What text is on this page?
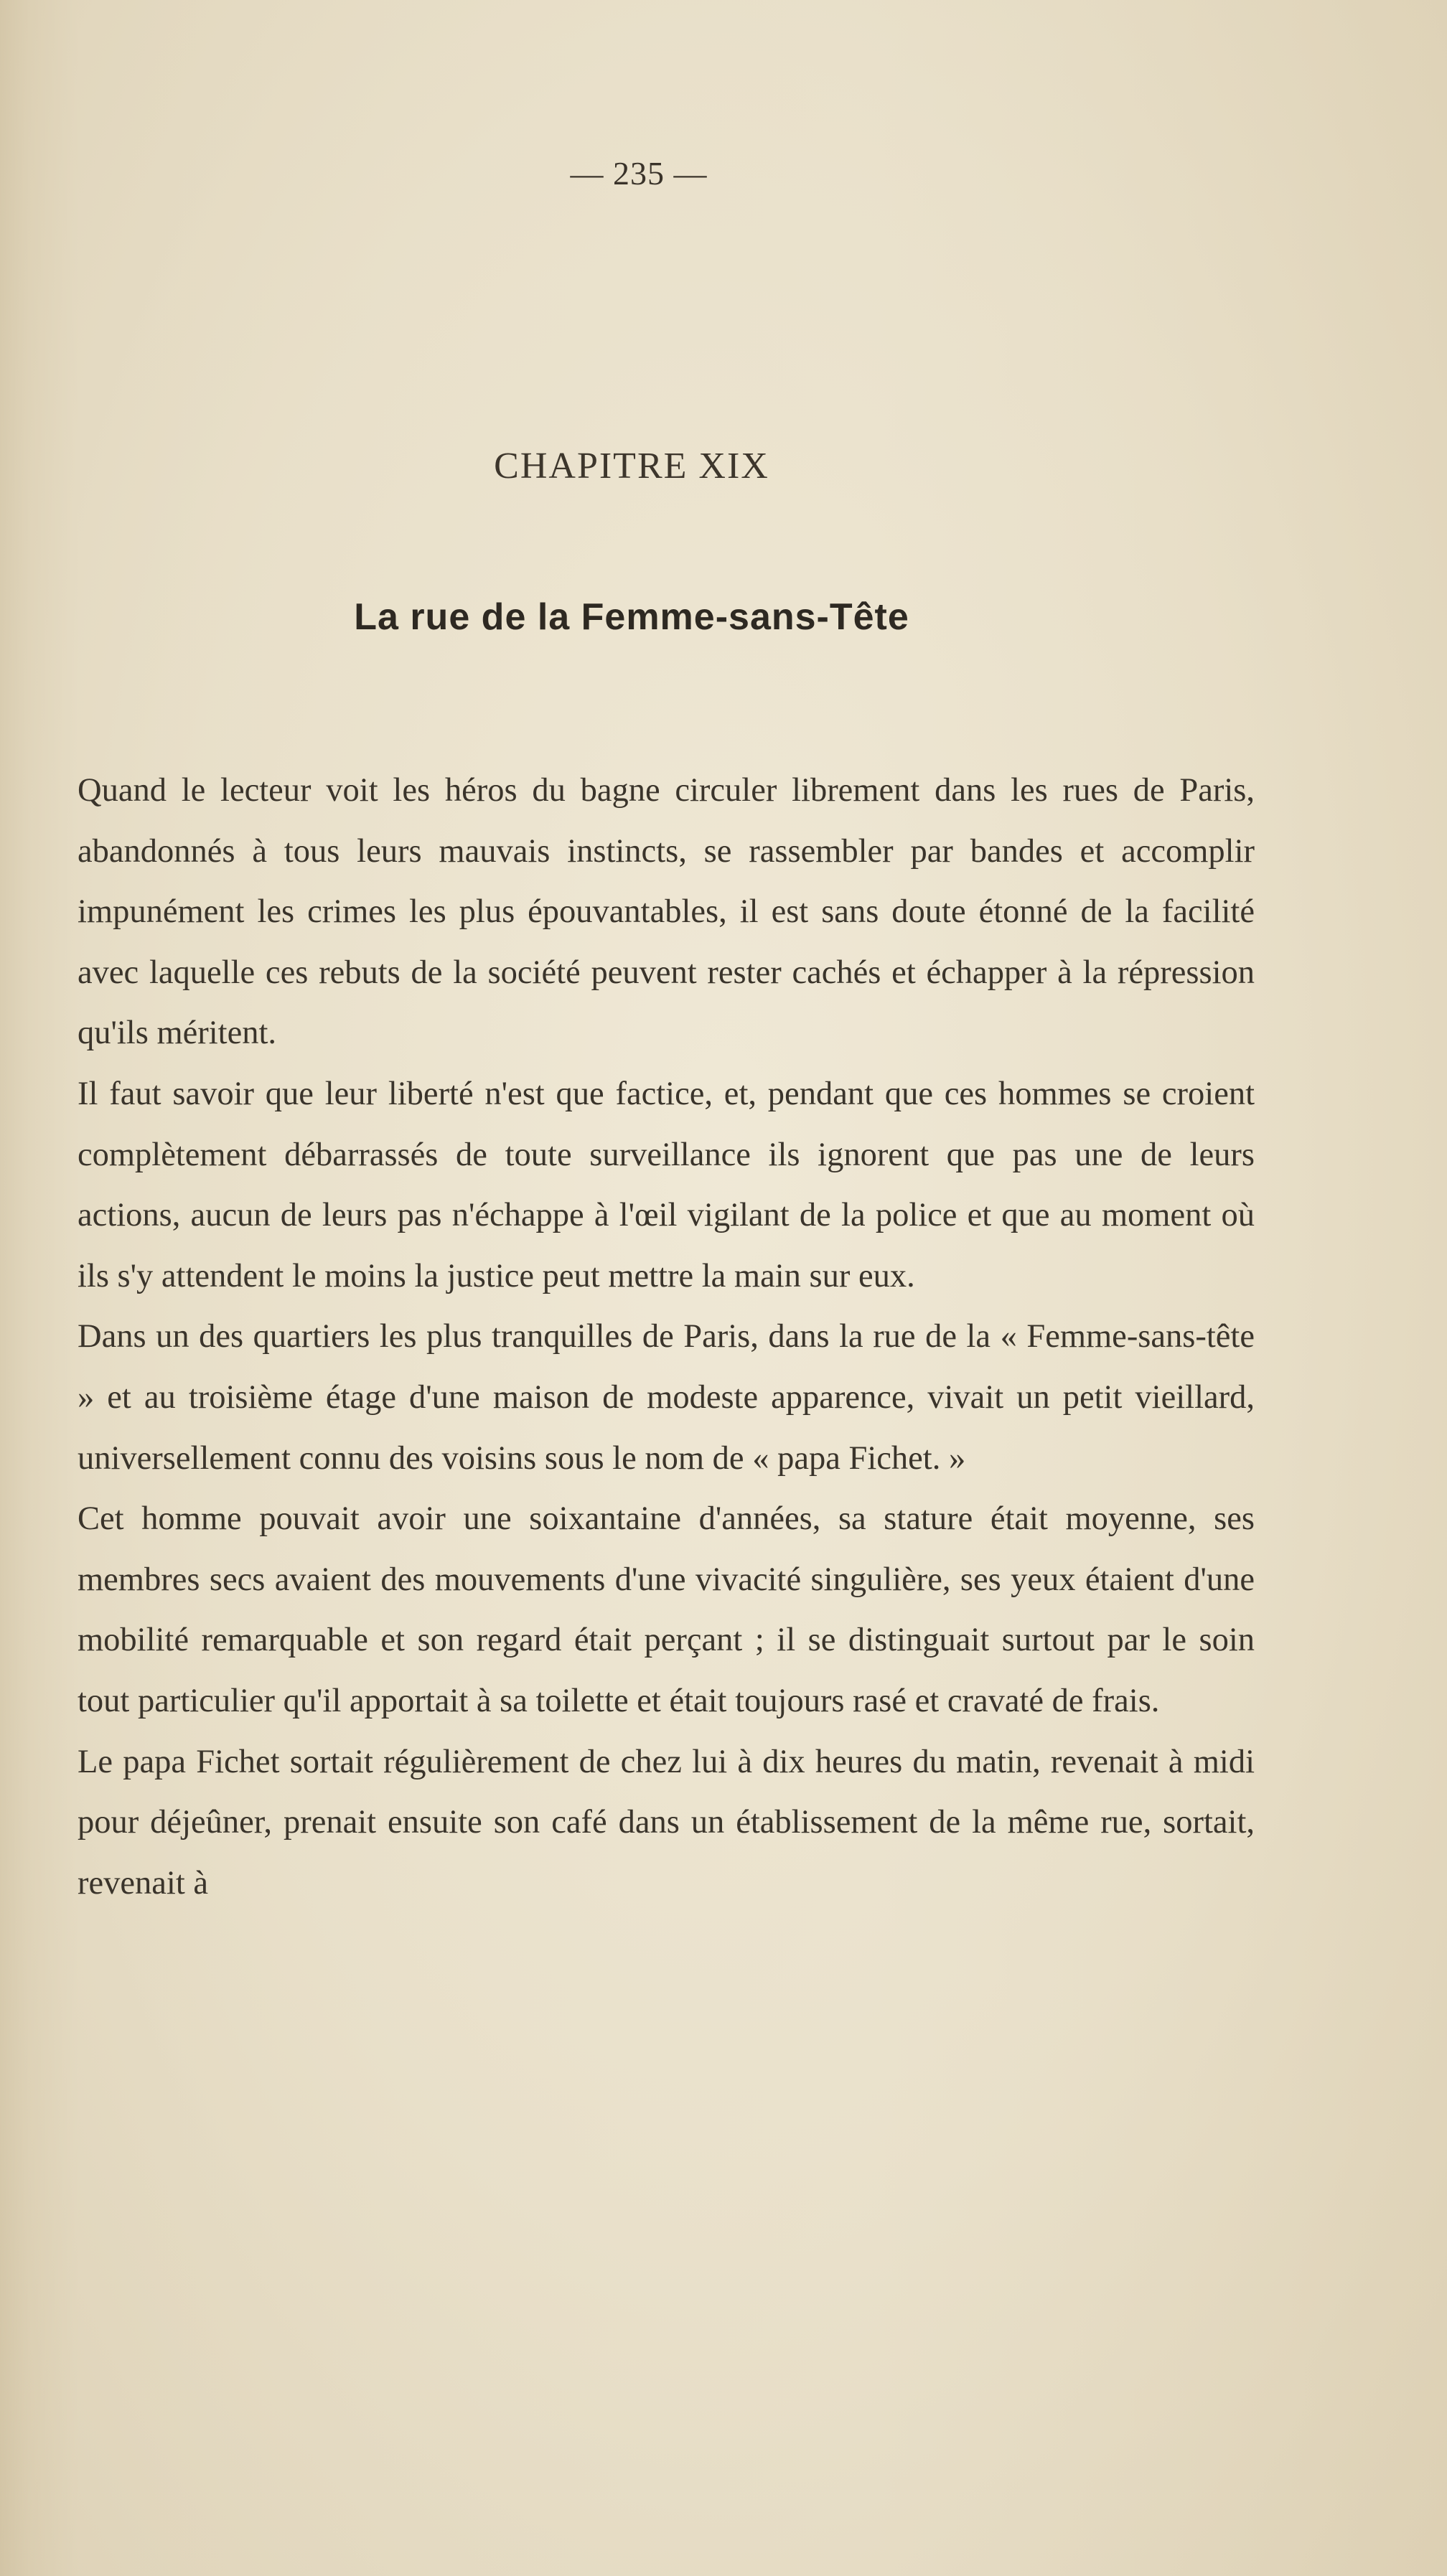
— 235 —
CHAPITRE XIX
La rue de la Femme-sans-Tête

Quand le lecteur voit les héros du bagne circuler librement dans les rues de Paris, abandonnés à tous leurs mauvais instincts, se rassembler par bandes et accomplir impunément les crimes les plus épouvantables, il est sans doute étonné de la facilité avec laquelle ces rebuts de la société peuvent rester cachés et échapper à la répression qu'ils méritent.

Il faut savoir que leur liberté n'est que factice, et, pendant que ces hommes se croient complètement débarrassés de toute surveillance ils ignorent que pas une de leurs actions, aucun de leurs pas n'échappe à l'œil vigilant de la police et que au moment où ils s'y attendent le moins la justice peut mettre la main sur eux.

Dans un des quartiers les plus tranquilles de Paris, dans la rue de la « Femme-sans-tête » et au troisième étage d'une maison de modeste apparence, vivait un petit vieillard, universellement connu des voisins sous le nom de « papa Fichet. »

Cet homme pouvait avoir une soixantaine d'années, sa stature était moyenne, ses membres secs avaient des mouvements d'une vivacité singulière, ses yeux étaient d'une mobilité remarquable et son regard était perçant ; il se distinguait surtout par le soin tout particulier qu'il apportait à sa toilette et était toujours rasé et cravaté de frais.

Le papa Fichet sortait régulièrement de chez lui à dix heures du matin, revenait à midi pour déjeûner, prenait ensuite son café dans un établissement de la même rue, sortait, revenait à
